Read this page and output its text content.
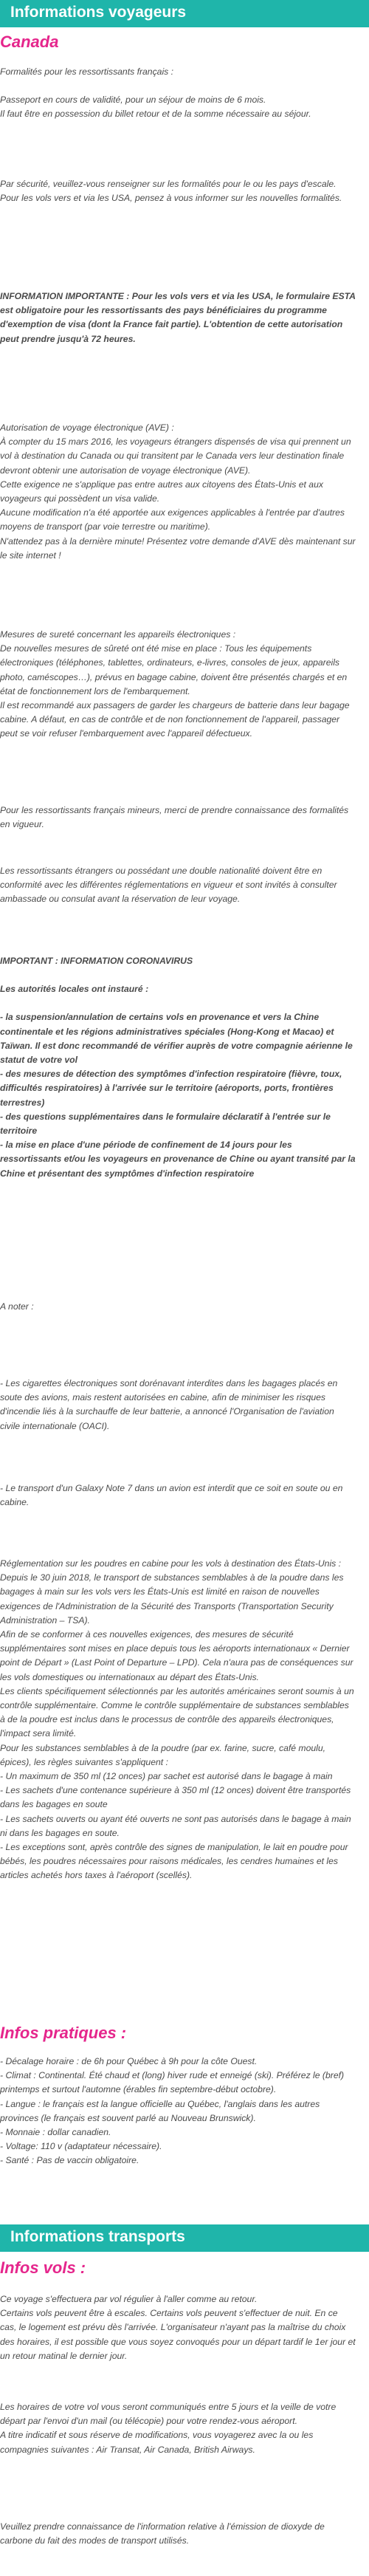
Informations voyageurs
Canada

Formalités pour les ressortissants français :

Passeport en cours de validité, pour un séjour de moins de 6 mois.

Il faut être en possession du billet retour et de la somme nécessaire au séjour.

Par sécurité, veuillez-vous renseigner sur les formalités pour le ou les pays d'escale.

Pour les vols vers et via les USA, pensez à vous informer sur les nouvelles formalités.

INFORMATION IMPORTANTE : Pour les vols vers et via les USA, le formulaire ESTA est obligatoire pour les ressortissants des pays bénéficiaires du programme d'exemption de visa (dont la France fait partie). L'obtention de cette autorisation peut prendre jusqu'à 72 heures.

Autorisation de voyage électronique (AVE) :

À compter du 15 mars 2016, les voyageurs étrangers dispensés de visa qui prennent un vol à destination du Canada ou qui transitent par le Canada vers leur destination finale devront obtenir une autorisation de voyage électronique (AVE).

Cette exigence ne s'applique pas entre autres aux citoyens des États-Unis et aux voyageurs qui possèdent un visa valide.

Aucune modification n'a été apportée aux exigences applicables à l'entrée par d'autres moyens de transport (par voie terrestre ou maritime).

N'attendez pas à la dernière minute! Présentez votre demande d'AVE dès maintenant sur le site internet !

Mesures de sureté concernant les appareils électroniques :

De nouvelles mesures de sûreté ont été mise en place : Tous les équipements électroniques (téléphones, tablettes, ordinateurs, e-livres, consoles de jeux, appareils photo, caméscopes…), prévus en bagage cabine, doivent être présentés chargés et en état de fonctionnement lors de l'embarquement.

Il est recommandé aux passagers de garder les chargeurs de batterie dans leur bagage cabine. A défaut, en cas de contrôle et de non fonctionnement de l'appareil, passager peut se voir refuser l'embarquement avec l'appareil défectueux.

Pour les ressortissants français mineurs, merci de prendre connaissance des formalités en vigueur.

Les ressortissants étrangers ou possédant une double nationalité doivent être en conformité avec les différentes réglementations en vigueur et sont invités à consulter ambassade ou consulat avant la réservation de leur voyage.

IMPORTANT : INFORMATION CORONAVIRUS

Les autorités locales ont instauré :

- la suspension/annulation de certains vols en provenance et vers la Chine continentale et les régions administratives spéciales (Hong-Kong et Macao) et Taïwan. Il est donc recommandé de vérifier auprès de votre compagnie aérienne le statut de votre vol

- des mesures de détection des symptômes d'infection respiratoire (fièvre, toux, difficultés respiratoires) à l'arrivée sur le territoire (aéroports, ports, frontières terrestres)

- des questions supplémentaires dans le formulaire déclaratif à l'entrée sur le territoire

- la mise en place d'une période de confinement de 14 jours pour les ressortissants et/ou les voyageurs en provenance de Chine ou ayant transité par la Chine et présentant des symptômes d'infection respiratoire

A noter :

- Les cigarettes électroniques sont dorénavant interdites dans les bagages placés en soute des avions, mais restent autorisées en cabine, afin de minimiser les risques d'incendie liés à la surchauffe de leur batterie, a annoncé l'Organisation de l'aviation civile internationale (OACI).

- Le transport d'un Galaxy Note 7 dans un avion est interdit que ce soit en soute ou en cabine.

Réglementation sur les poudres en cabine pour les vols à destination des États-Unis :

Depuis le 30 juin 2018, le transport de substances semblables à de la poudre dans les bagages à main sur les vols vers les États-Unis est limité en raison de nouvelles exigences de l'Administration de la Sécurité des Transports (Transportation Security Administration – TSA).

Afin de se conformer à ces nouvelles exigences, des mesures de sécurité supplémentaires sont mises en place depuis tous les aéroports internationaux « Dernier point de Départ » (Last Point of Departure – LPD). Cela n'aura pas de conséquences sur les vols domestiques ou internationaux au départ des États-Unis.

Les clients spécifiquement sélectionnés par les autorités américaines seront soumis à un contrôle supplémentaire. Comme le contrôle supplémentaire de substances semblables à de la poudre est inclus dans le processus de contrôle des appareils électroniques, l'impact sera limité.

Pour les substances semblables à de la poudre (par ex. farine, sucre, café moulu, épices), les règles suivantes s'appliquent :

- Un maximum de 350 ml (12 onces) par sachet est autorisé dans le bagage à main

- Les sachets d'une contenance supérieure à 350 ml (12 onces) doivent être transportés dans les bagages en soute

- Les sachets ouverts ou ayant été ouverts ne sont pas autorisés dans le bagage à main ni dans les bagages en soute.

- Les exceptions sont, après contrôle des signes de manipulation, le lait en poudre pour bébés, les poudres nécessaires pour raisons médicales, les cendres humaines et les articles achetés hors taxes à l'aéroport (scellés).

Infos pratiques :

- Décalage horaire : de 6h pour Québec à 9h pour la côte Ouest.

- Climat : Continental. Été chaud et (long) hiver rude et enneigé (ski). Préférez le (bref) printemps et surtout l'automne (érables fin septembre-début octobre).

- Langue : le français est la langue officielle au Québec, l'anglais dans les autres provinces (le français est souvent parlé au Nouveau Brunswick).

- Monnaie : dollar canadien.

- Voltage: 110 v (adaptateur nécessaire).

- Santé : Pas de vaccin obligatoire.

Informations transports
Infos vols :

Ce voyage s'effectuera par vol régulier à l'aller comme au retour.

Certains vols peuvent être à escales. Certains vols peuvent s'effectuer de nuit. En ce cas, le logement est prévu dès l'arrivée. L'organisateur n'ayant pas la maîtrise du choix des horaires, il est possible que vous soyez convoqués pour un départ tardif le 1er jour et un retour matinal le dernier jour.

Les horaires de votre vol vous seront communiqués entre 5 jours et la veille de votre départ par l'envoi d'un mail (ou télécopie) pour votre rendez-vous aéroport.

A titre indicatif et sous réserve de modifications, vous voyagerez avec la ou les compagnies suivantes : Air Transat, Air Canada, British Airways.

Veuillez prendre connaissance de l'information relative à l'émission de dioxyde de carbone du fait des modes de transport utilisés.
